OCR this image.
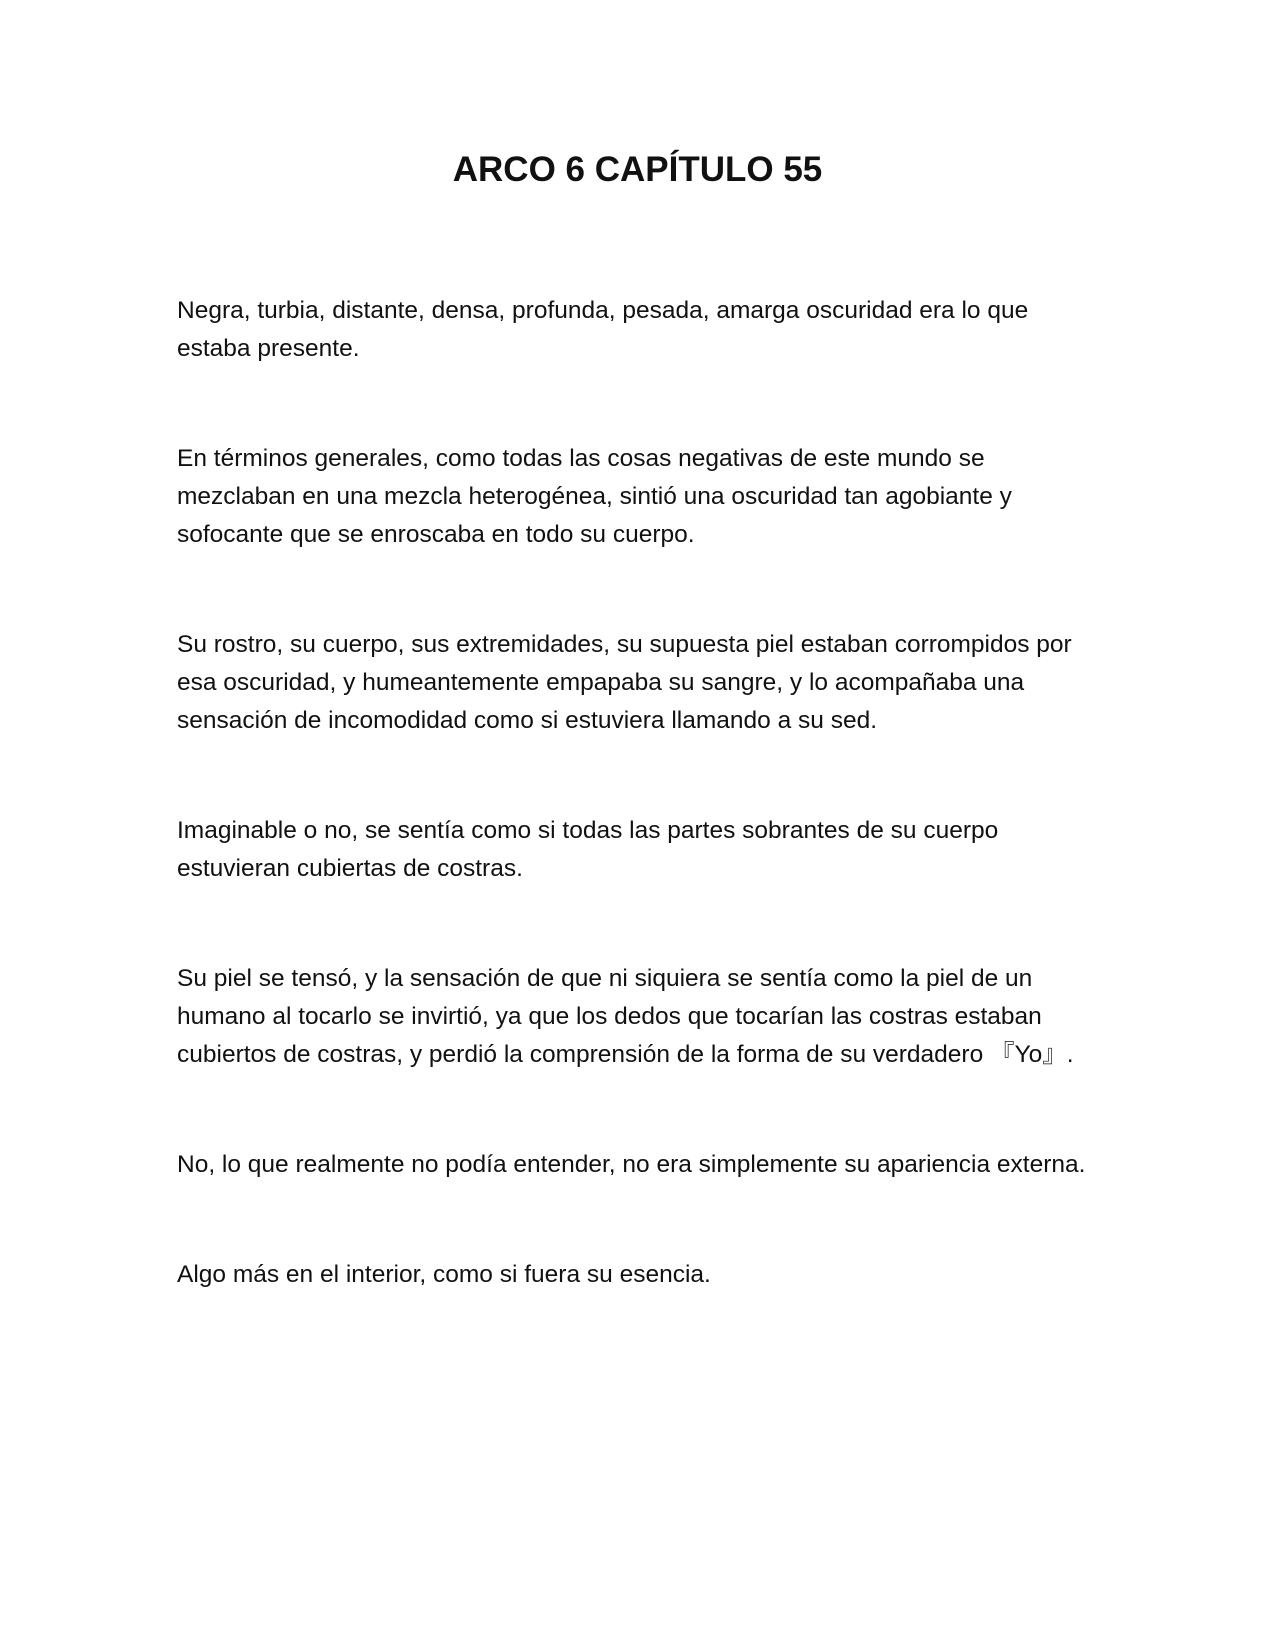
ARCO 6 CAPÍTULO 55

Negra, turbia, distante, densa, profunda, pesada, amarga oscuridad era lo que estaba presente.

En términos generales, como todas las cosas negativas de este mundo se mezclaban en una mezcla heterogénea, sintió una oscuridad tan agobiante y sofocante que se enroscaba en todo su cuerpo.

Su rostro, su cuerpo, sus extremidades, su supuesta piel estaban corrompidos por esa oscuridad, y humeantemente empapaba su sangre, y lo acompañaba una sensación de incomodidad como si estuviera llamando a su sed.

Imaginable o no, se sentía como si todas las partes sobrantes de su cuerpo estuvieran cubiertas de costras.

Su piel se tensó, y la sensación de que ni siquiera se sentía como la piel de un humano al tocarlo se invirtió, ya que los dedos que tocarían las costras estaban cubiertos de costras, y perdió la comprensión de la forma de su verdadero 『Yo』.

No, lo que realmente no podía entender, no era simplemente su apariencia externa.

Algo más en el interior, como si fuera su esencia.
